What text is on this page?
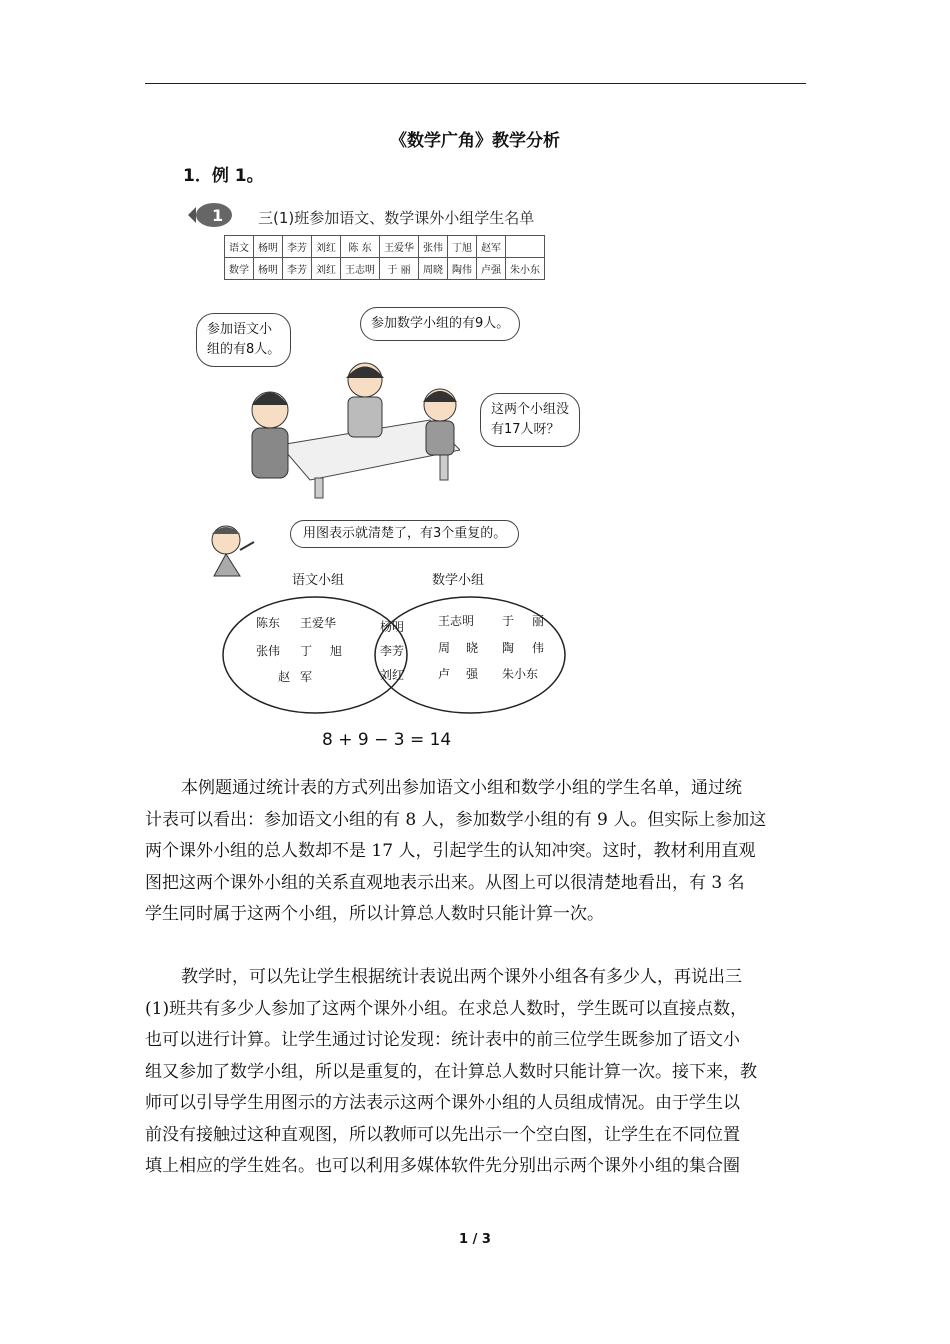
《数学广角》教学分析
1．例 1。
1 三(1)班参加语文、数学课外小组学生名单
语文	杨明	李芳	刘红	陈 东	王爱华	张伟	丁旭	赵军	
数学	杨明	李芳	刘红	王志明	于 丽	周晓	陶伟	卢强	朱小东
参加语文小
组的有8人。
参加数学小组的有9人。
这两个小组没
有17人呀？
用图表示就清楚了，有3个重复的。
语文小组	数学小组
陈东 王爱华
张伟 丁 旭
赵 军
杨明
李芳
刘红
王志明 于 丽
周 晓 陶 伟
卢 强 朱小东
8 + 9 − 3 = 14
本例题通过统计表的方式列出参加语文小组和数学小组的学生名单，通过统
计表可以看出：参加语文小组的有 8 人，参加数学小组的有 9 人。但实际上参加这
两个课外小组的总人数却不是 17 人，引起学生的认知冲突。这时，教材利用直观
图把这两个课外小组的关系直观地表示出来。从图上可以很清楚地看出，有 3 名
学生同时属于这两个小组，所以计算总人数时只能计算一次。
教学时，可以先让学生根据统计表说出两个课外小组各有多少人，再说出三
(1)班共有多少人参加了这两个课外小组。在求总人数时，学生既可以直接点数，
也可以进行计算。让学生通过讨论发现：统计表中的前三位学生既参加了语文小
组又参加了数学小组，所以是重复的，在计算总人数时只能计算一次。接下来，教
师可以引导学生用图示的方法表示这两个课外小组的人员组成情况。由于学生以
前没有接触过这种直观图，所以教师可以先出示一个空白图，让学生在不同位置
填上相应的学生姓名。也可以利用多媒体软件先分别出示两个课外小组的集合圈
1 / 3
